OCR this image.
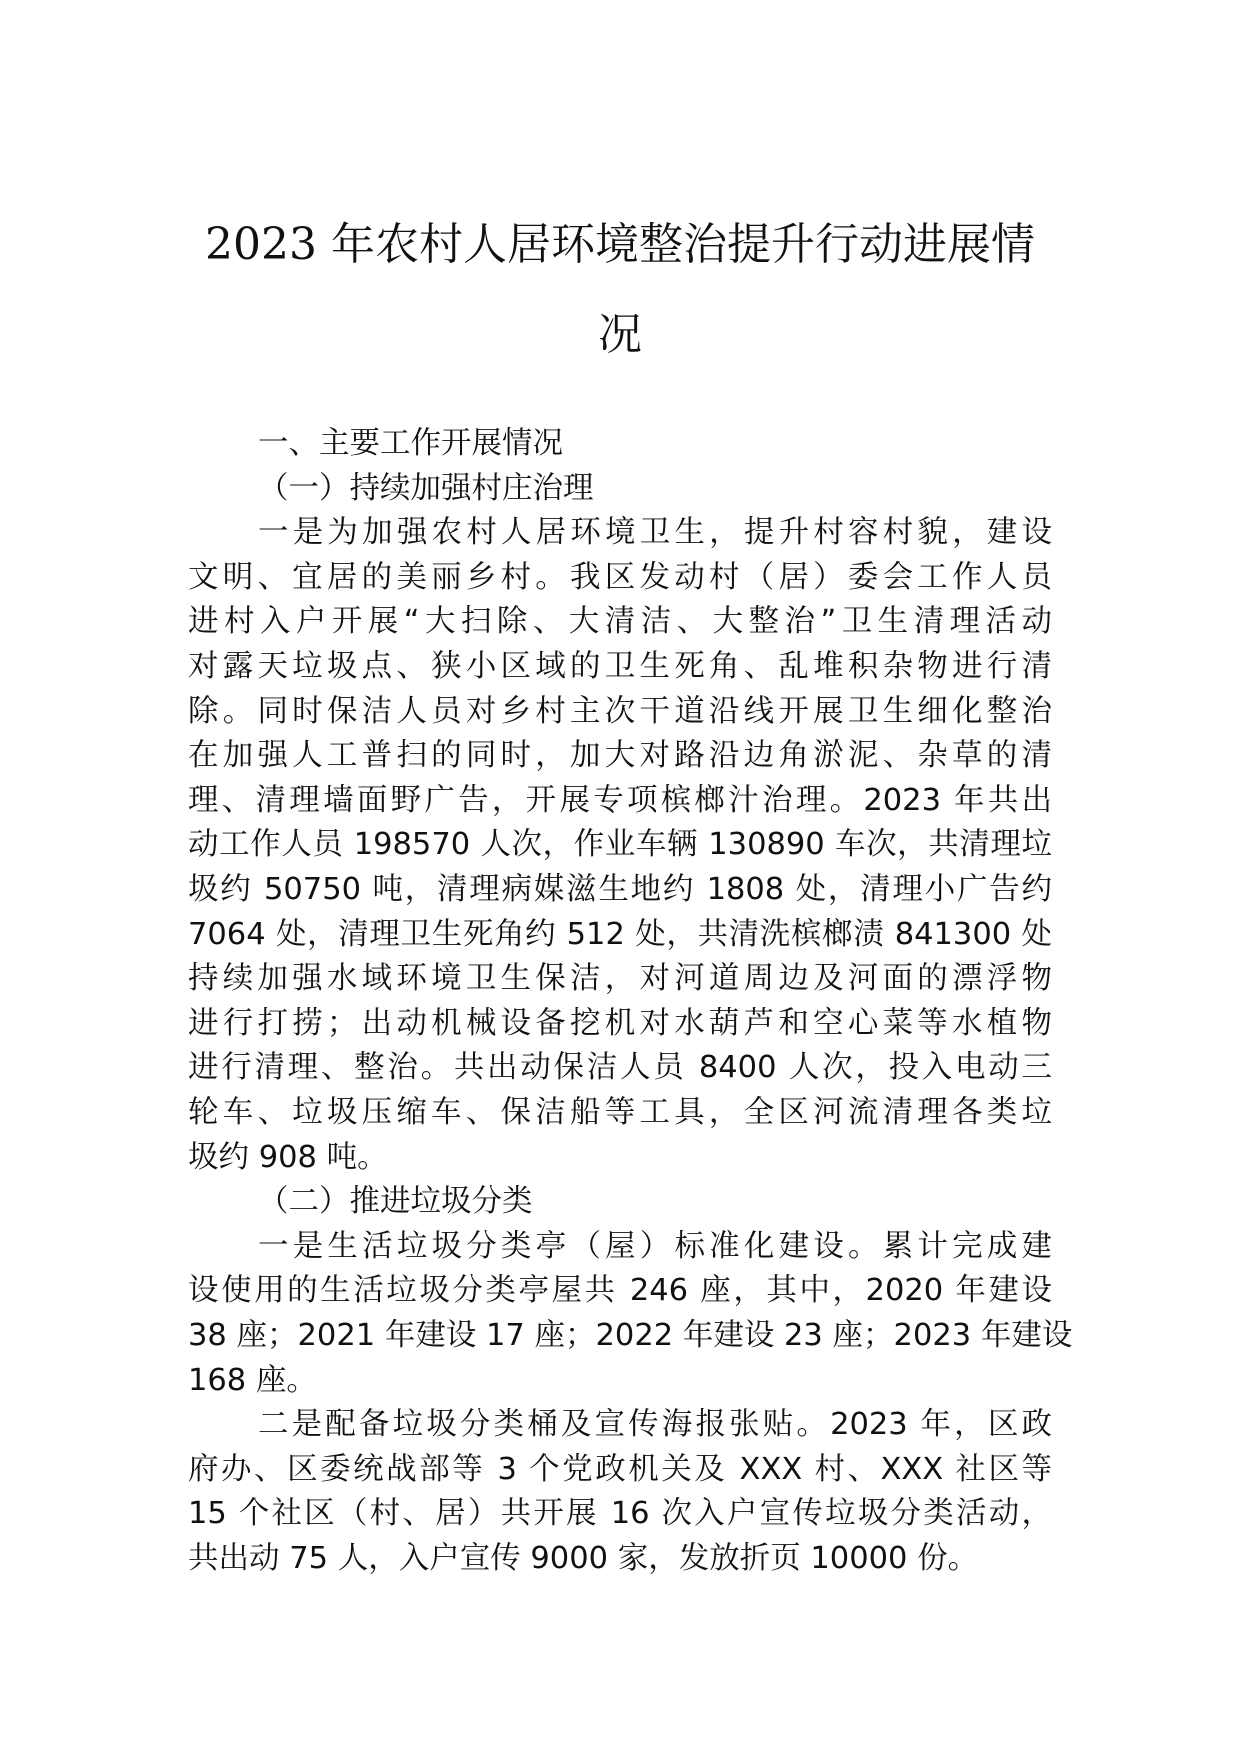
2023 年农村人居环境整治提升行动进展情
况
一、主要工作开展情况
（一）持续加强村庄治理
一是为加强农村人居环境卫生，提升村容村貌，建设
文明、宜居的美丽乡村。我区发动村（居）委会工作人员
进村入户开展“大扫除、大清洁、大整治”卫生清理活动
对露天垃圾点、狭小区域的卫生死角、乱堆积杂物进行清
除。同时保洁人员对乡村主次干道沿线开展卫生细化整治
在加强人工普扫的同时，加大对路沿边角淤泥、杂草的清
理、清理墙面野广告，开展专项槟榔汁治理。2023 年共出
动工作人员 198570 人次，作业车辆 130890 车次，共清理垃
圾约 50750 吨，清理病媒滋生地约 1808 处，清理小广告约
7064 处，清理卫生死角约 512 处，共清洗槟榔渍 841300 处
持续加强水域环境卫生保洁，对河道周边及河面的漂浮物
进行打捞；出动机械设备挖机对水葫芦和空心菜等水植物
进行清理、整治。共出动保洁人员 8400 人次，投入电动三
轮车、垃圾压缩车、保洁船等工具，全区河流清理各类垃
圾约 908 吨。
（二）推进垃圾分类
一是生活垃圾分类亭（屋）标准化建设。累计完成建
设使用的生活垃圾分类亭屋共 246 座，其中，2020 年建设
38 座；2021 年建设 17 座；2022 年建设 23 座；2023 年建设
168 座。
二是配备垃圾分类桶及宣传海报张贴。2023 年，区政
府办、区委统战部等 3 个党政机关及 XXX 村、XXX 社区等
15 个社区（村、居）共开展 16 次入户宣传垃圾分类活动，
共出动 75 人，入户宣传 9000 家，发放折页 10000 份。
